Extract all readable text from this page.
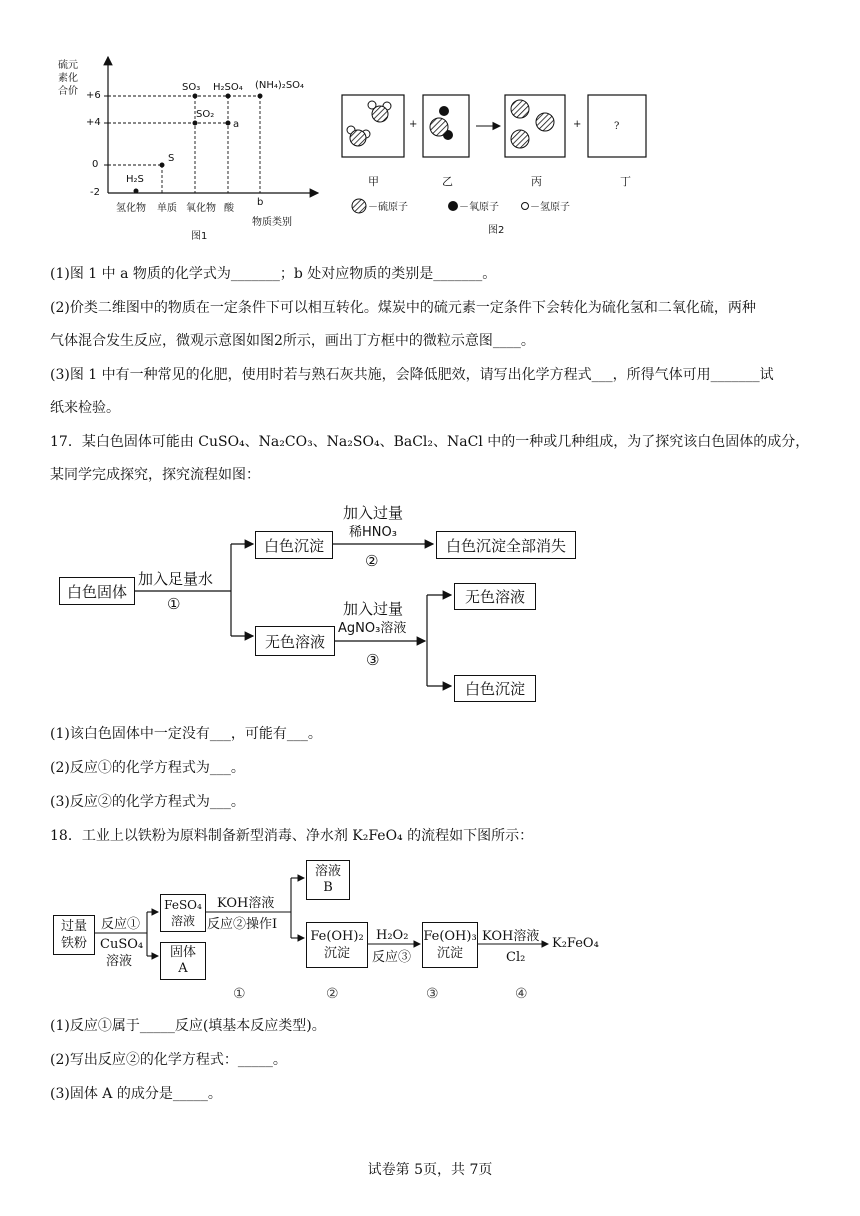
硫元
素化
合价 +6
+4
0
-2
H₂S
S
SO₂
a
SO₃ H₂SO₄ (NH₄)₂SO₄
氢化物 单质 氧化物 酸
b
物质类别
图1
+	+	?
甲	乙	丙	丁
－硫原子	－氧原子	－氢原子
图2
(1)图 1 中 a 物质的化学式为_______；b 处对应物质的类别是_______。
(2)价类二维图中的物质在一定条件下可以相互转化。煤炭中的硫元素一定条件下会转化为硫化氢和二氧化硫，两种
气体混合发生反应，微观示意图如图2所示，画出丁方框中的微粒示意图____。
(3)图 1 中有一种常见的化肥，使用时若与熟石灰共施，会降低肥效，请写出化学方程式___，所得气体可用_______试
纸来检验。
17．某白色固体可能由 CuSO₄、Na₂CO₃、Na₂SO₄、BaCl₂、NaCl 中的一种或几种组成，为了探究该白色固体的成分，
某同学完成探究，探究流程如图：
白色固体
加入足量水
①
白色沉淀
加入过量
稀HNO₃
②
白色沉淀全部消失
无色溶液
加入过量
AgNO₃溶液
③
无色溶液
白色沉淀
(1)该白色固体中一定没有___，可能有___。
(2)反应①的化学方程式为___。
(3)反应②的化学方程式为___。
18．工业上以铁粉为原料制备新型消毒、净水剂 K₂FeO₄ 的流程如下图所示：
过量
铁粉
反应①
CuSO₄
溶液
FeSO₄
溶液
固体
A
KOH溶液
反应②操作I
溶液
B
Fe(OH)₂
沉淀
H₂O₂
反应③
Fe(OH)₃
沉淀
KOH溶液
Cl₂
K₂FeO₄
①	②	③	④
(1)反应①属于_____反应(填基本反应类型)。
(2)写出反应②的化学方程式：_____。
(3)固体 A 的成分是_____。
试卷第 5页，共 7页
